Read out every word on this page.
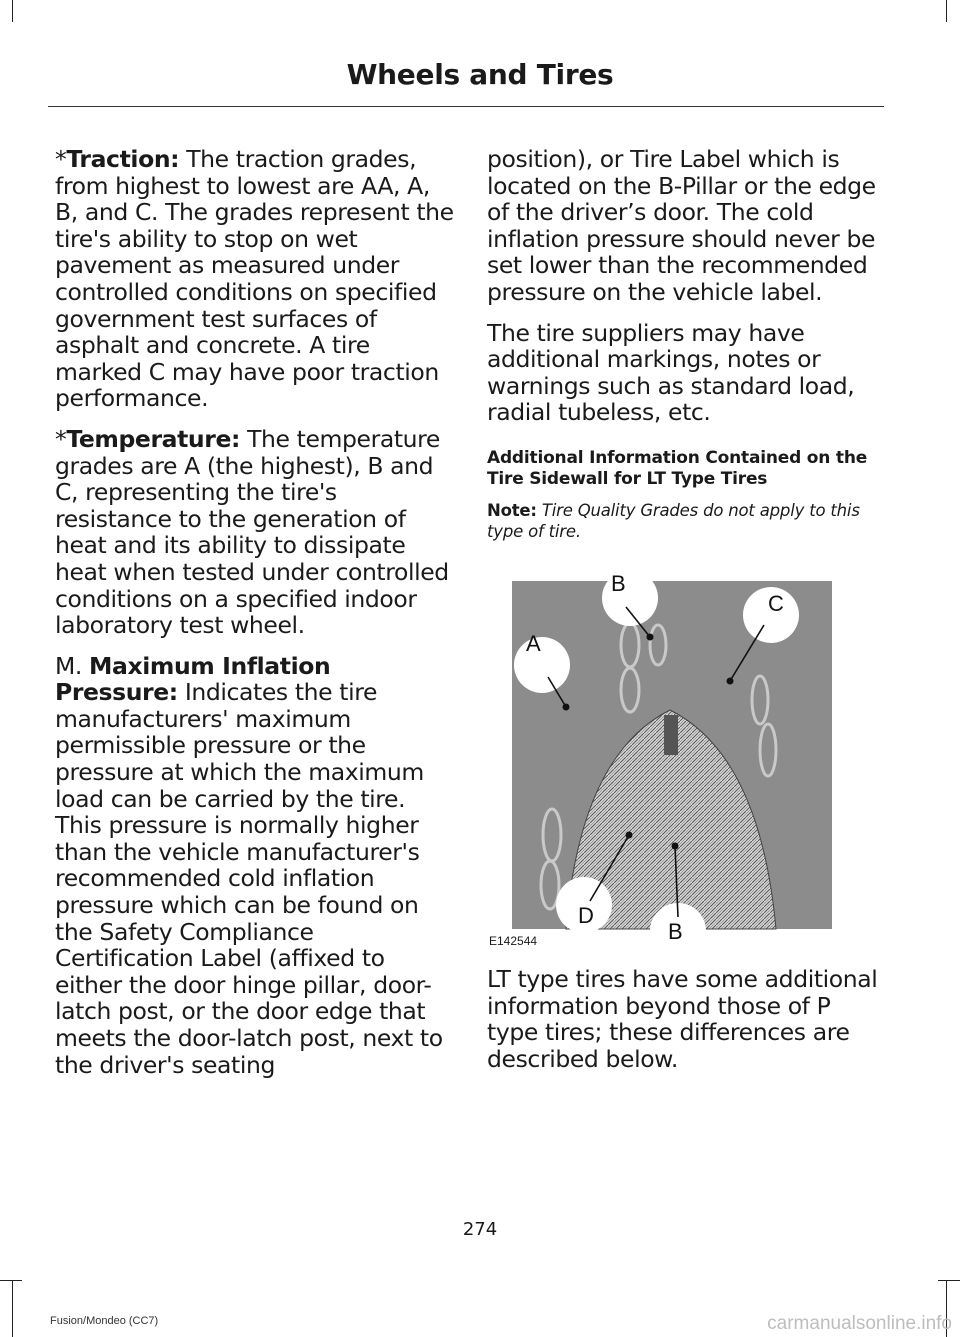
Wheels and Tires

*Traction: The traction grades, from highest to lowest are AA, A, B, and C. The grades represent the tire's ability to stop on wet pavement as measured under controlled conditions on specified government test surfaces of asphalt and concrete. A tire marked C may have poor traction performance.

*Temperature: The temperature grades are A (the highest), B and C, representing the tire's resistance to the generation of heat and its ability to dissipate heat when tested under controlled conditions on a specified indoor laboratory test wheel.

M. Maximum Inflation Pressure: Indicates the tire manufacturers' maximum permissible pressure or the pressure at which the maximum load can be carried by the tire. This pressure is normally higher than the vehicle manufacturer's recommended cold inflation pressure which can be found on the Safety Compliance Certification Label (affixed to either the door hinge pillar, door-latch post, or the door edge that meets the door-latch post, next to the driver's seating

position), or Tire Label which is located on the B-Pillar or the edge of the driver’s door. The cold inflation pressure should never be set lower than the recommended pressure on the vehicle label.

The tire suppliers may have additional markings, notes or warnings such as standard load, radial tubeless, etc.

Additional Information Contained on the Tire Sidewall for LT Type Tires

Note: Tire Quality Grades do not apply to this type of tire.

A
B
C
D
B
E142544

LT type tires have some additional information beyond those of P type tires; these differences are described below.

274
Fusion/Mondeo (CC7)	carmanualsonline.info
